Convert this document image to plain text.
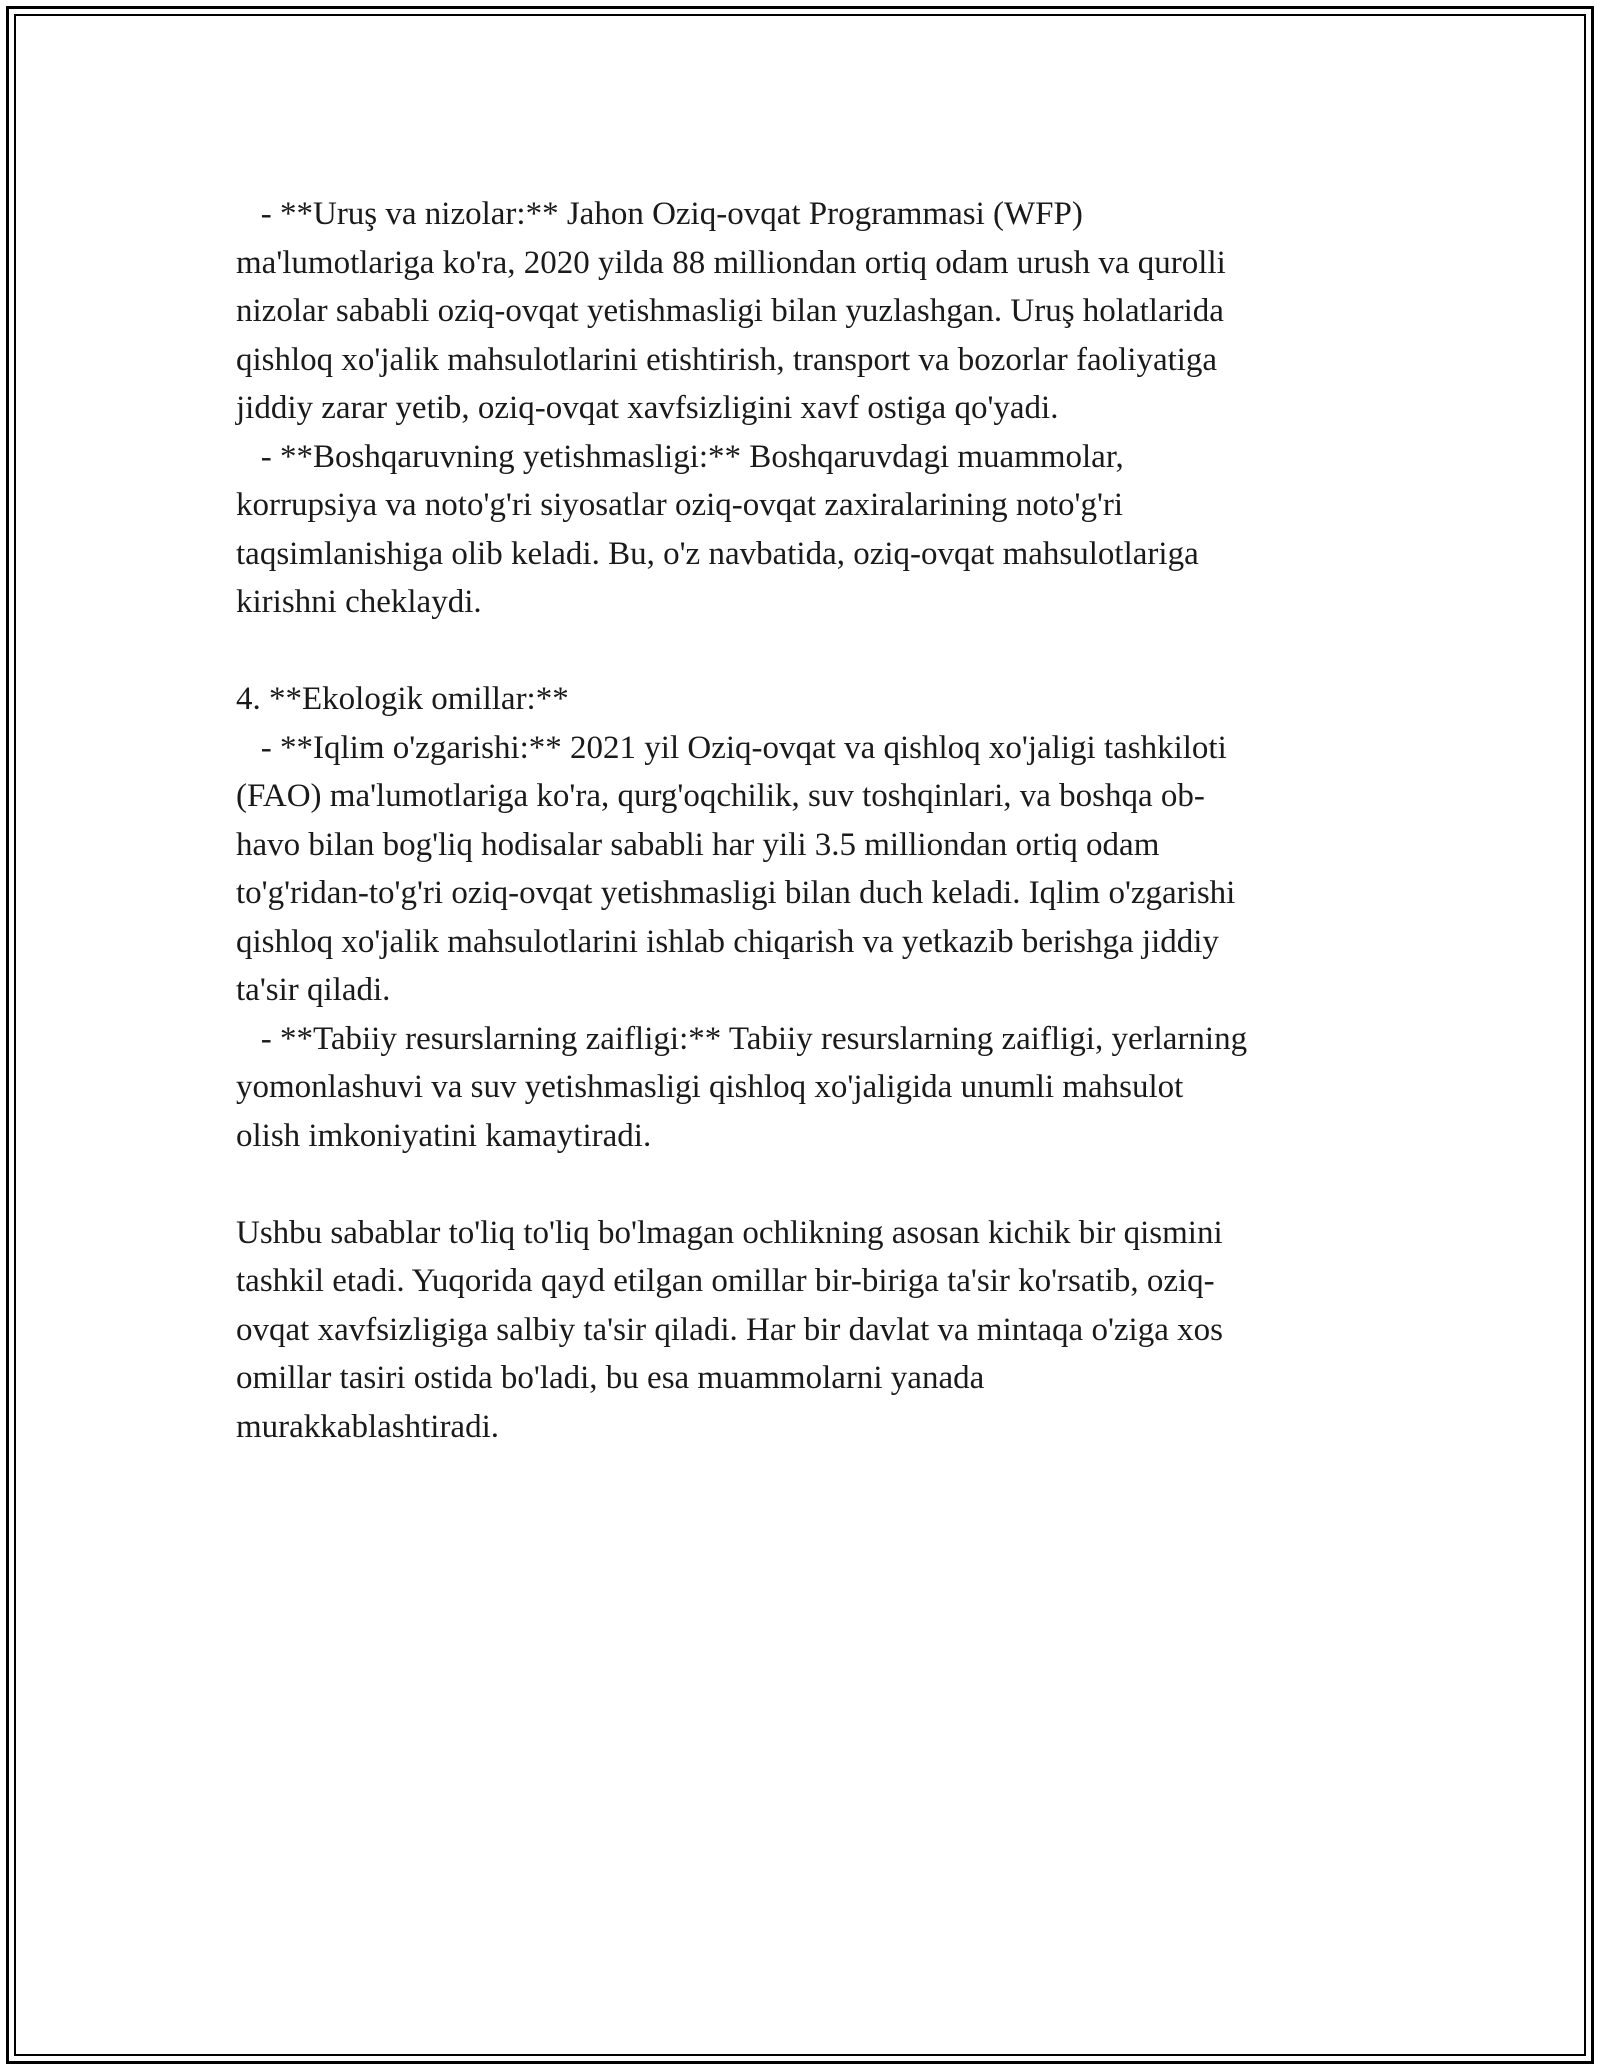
- **Uruş va nizolar:** Jahon Oziq-ovqat Programmasi (WFP)
ma'lumotlariga ko'ra, 2020 yilda 88 milliondan ortiq odam urush va qurolli
nizolar sababli oziq-ovqat yetishmasligi bilan yuzlashgan. Uruş holatlarida
qishloq xo'jalik mahsulotlarini etishtirish, transport va bozorlar faoliyatiga
jiddiy zarar yetib, oziq-ovqat xavfsizligini xavf ostiga qo'yadi.
- **Boshqaruvning yetishmasligi:** Boshqaruvdagi muammolar,
korrupsiya va noto'g'ri siyosatlar oziq-ovqat zaxiralarining noto'g'ri
taqsimlanishiga olib keladi. Bu, o'z navbatida, oziq-ovqat mahsulotlariga
kirishni cheklaydi.
4. **Ekologik omillar:**
- **Iqlim o'zgarishi:** 2021 yil Oziq-ovqat va qishloq xo'jaligi tashkiloti
(FAO) ma'lumotlariga ko'ra, qurg'oqchilik, suv toshqinlari, va boshqa ob-
havo bilan bog'liq hodisalar sababli har yili 3.5 milliondan ortiq odam
to'g'ridan-to'g'ri oziq-ovqat yetishmasligi bilan duch keladi. Iqlim o'zgarishi
qishloq xo'jalik mahsulotlarini ishlab chiqarish va yetkazib berishga jiddiy
ta'sir qiladi.
- **Tabiiy resurslarning zaifligi:** Tabiiy resurslarning zaifligi, yerlarning
yomonlashuvi va suv yetishmasligi qishloq xo'jaligida unumli mahsulot
olish imkoniyatini kamaytiradi.
Ushbu sabablar to'liq to'liq bo'lmagan ochlikning asosan kichik bir qismini
tashkil etadi. Yuqorida qayd etilgan omillar bir-biriga ta'sir ko'rsatib, oziq-
ovqat xavfsizligiga salbiy ta'sir qiladi. Har bir davlat va mintaqa o'ziga xos
omillar tasiri ostida bo'ladi, bu esa muammolarni yanada
murakkablashtiradi.
